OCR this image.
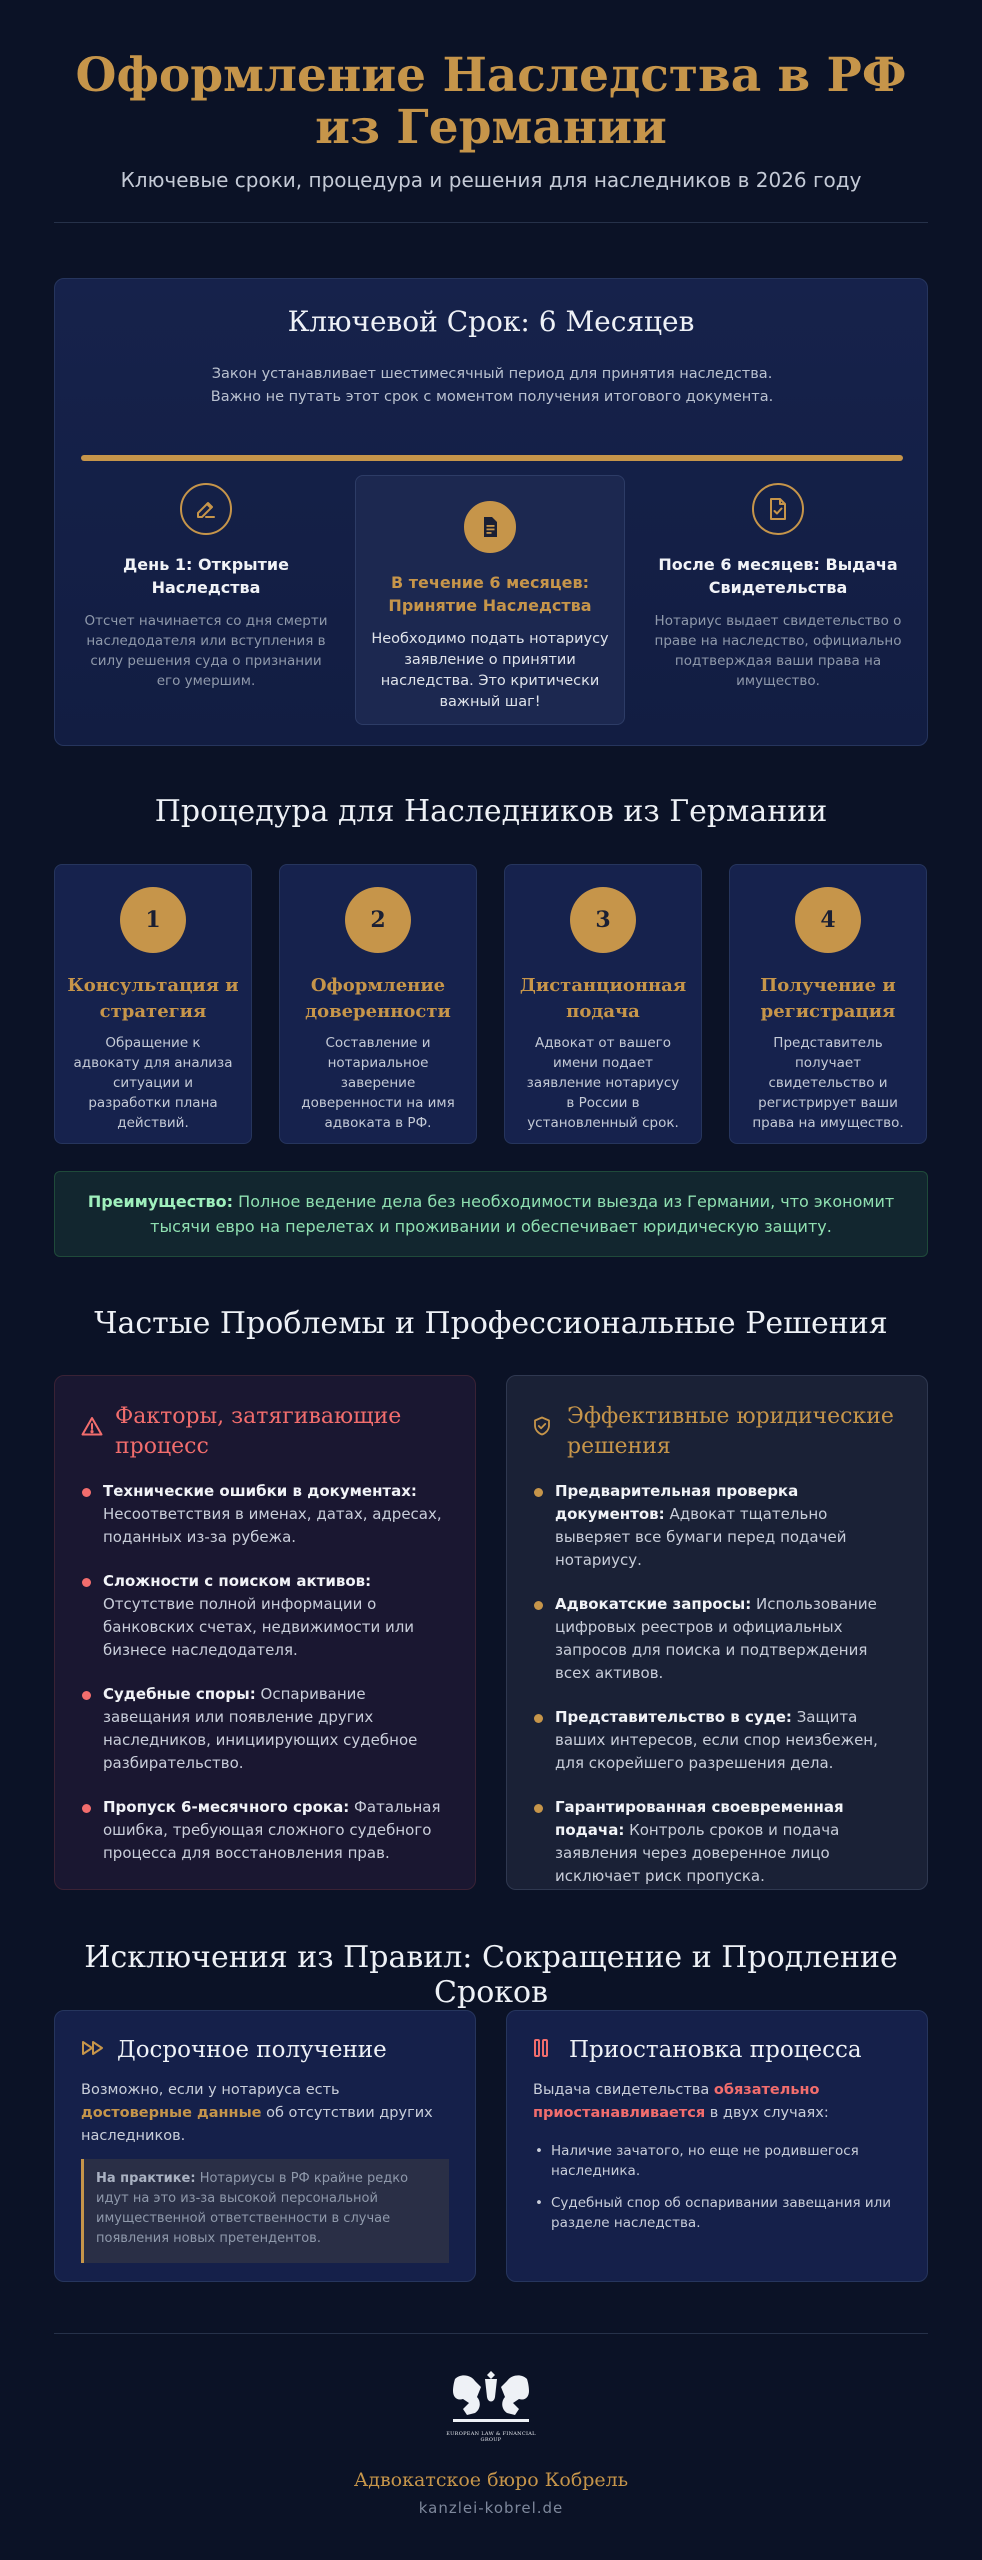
Оформление Наследства в РФ из Германии

Ключевые сроки, процедура и решения для наследников в 2026 году

Ключевой Срок: 6 Месяцев
Закон устанавливает шестимесячный период для принятия наследства. Важно не путать этот срок с моментом получения итогового документа.
День 1: Открытие Наследства
Отсчет начинается со дня смерти наследодателя или вступления в силу решения суда о признании его умершим.
В течение 6 месяцев: Принятие Наследства
Необходимо подать нотариусу заявление о принятии наследства. Это критически важный шаг!
После 6 месяцев: Выдача Свидетельства
Нотариус выдает свидетельство о праве на наследство, официально подтверждая ваши права на имущество.
Процедура для Наследников из Германии
1
Консультация и стратегия
Обращение к адвокату для анализа ситуации и разработки плана действий.
2
Оформление доверенности
Составление и нотариальное заверение доверенности на имя адвоката в РФ.
3
Дистанционная подача
Адвокат от вашего имени подает заявление нотариусу в России в установленный срок.
4
Получение и регистрация
Представитель получает свидетельство и регистрирует ваши права на имущество.
Преимущество: Полное ведение дела без необходимости выезда из Германии, что экономит тысячи евро на перелетах и проживании и обеспечивает юридическую защиту.
Частые Проблемы и Профессиональные Решения
Факторы, затягивающие процесс
Технические ошибки в документах: Несоответствия в именах, датах, адресах, поданных из-за рубежа.
Сложности с поиском активов: Отсутствие полной информации о банковских счетах, недвижимости или бизнесе наследодателя.
Судебные споры: Оспаривание завещания или появление других наследников, инициирующих судебное разбирательство.
Пропуск 6-месячного срока: Фатальная ошибка, требующая сложного судебного процесса для восстановления прав.
Эффективные юридические решения
Предварительная проверка документов: Адвокат тщательно выверяет все бумаги перед подачей нотариусу.
Адвокатские запросы: Использование цифровых реестров и официальных запросов для поиска и подтверждения всех активов.
Представительство в суде: Защита ваших интересов, если спор неизбежен, для скорейшего разрешения дела.
Гарантированная своевременная подача: Контроль сроков и подача заявления через доверенное лицо исключает риск пропуска.
Исключения из Правил: Сокращение и Продление Сроков
Досрочное получение
Возможно, если у нотариуса есть достоверные данные об отсутствии других наследников.
На практике: Нотариусы в РФ крайне редко идут на это из-за высокой персональной имущественной ответственности в случае появления новых претендентов.
Приостановка процесса
Выдача свидетельства обязательно приостанавливается в двух случаях:
• Наличие зачатого, но еще не родившегося наследника.
• Судебный спор об оспаривании завещания или разделе наследства.
EUROPEAN LAW & FINANCIAL GROUP
Адвокатское бюро Кобрель
kanzlei-kobrel.de
